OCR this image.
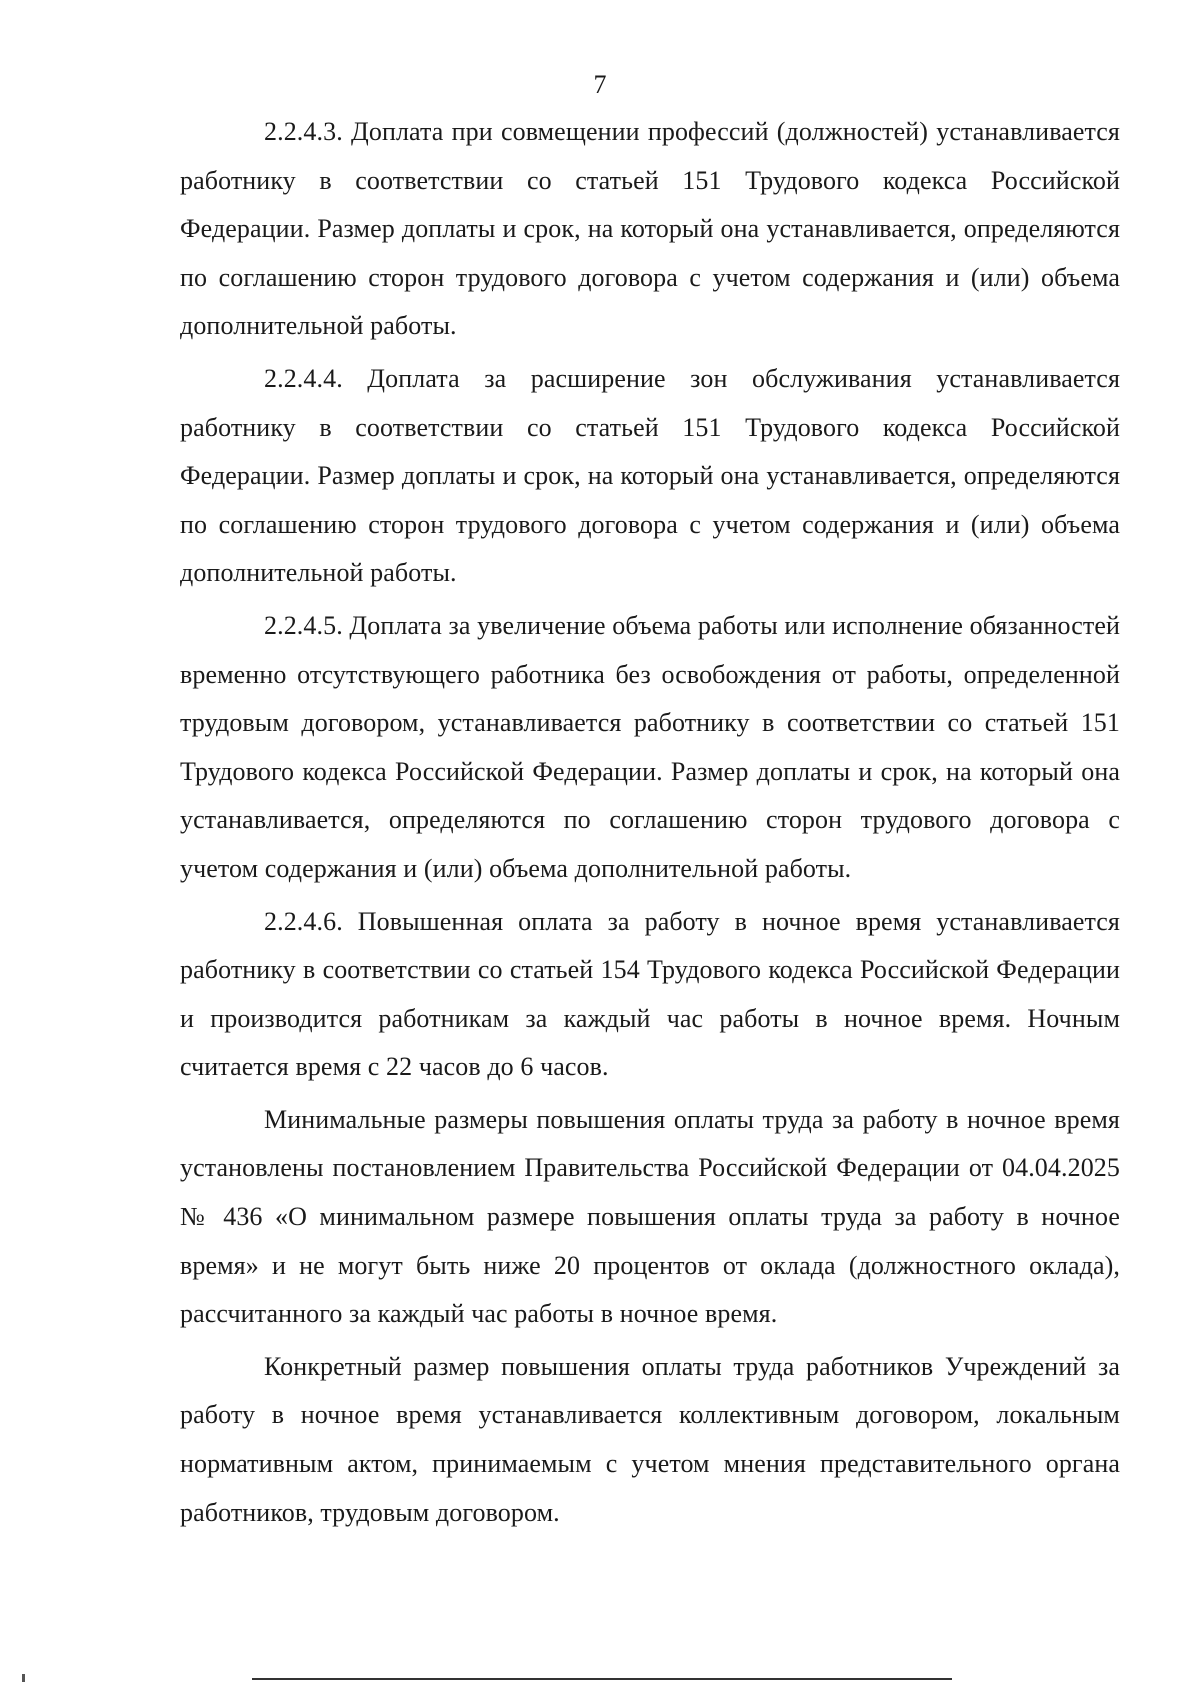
7

2.2.4.3. Доплата при совмещении профессий (должностей) устанавливается работнику в соответствии со статьей 151 Трудового кодекса Российской Федерации. Размер доплаты и срок, на который она устанавливается, определяются по соглашению сторон трудового договора с учетом содержания и (или) объема дополнительной работы.

2.2.4.4. Доплата за расширение зон обслуживания устанавливается работнику в соответствии со статьей 151 Трудового кодекса Российской Федерации. Размер доплаты и срок, на который она устанавливается, определяются по соглашению сторон трудового договора с учетом содержания и (или) объема дополнительной работы.

2.2.4.5. Доплата за увеличение объема работы или исполнение обязанностей временно отсутствующего работника без освобождения от работы, определенной трудовым договором, устанавливается работнику в соответствии со статьей 151 Трудового кодекса Российской Федерации. Размер доплаты и срок, на который она устанавливается, определяются по соглашению сторон трудового договора с учетом содержания и (или) объема дополнительной работы.

2.2.4.6. Повышенная оплата за работу в ночное время устанавливается работнику в соответствии со статьей 154 Трудового кодекса Российской Федерации и производится работникам за каждый час работы в ночное время. Ночным считается время с 22 часов до 6 часов.

Минимальные размеры повышения оплаты труда за работу в ночное время установлены постановлением Правительства Российской Федерации от 04.04.2025 № 436 «О минимальном размере повышения оплаты труда за работу в ночное время» и не могут быть ниже 20 процентов от оклада (должностного оклада), рассчитанного за каждый час работы в ночное время.

Конкретный размер повышения оплаты труда работников Учреждений за работу в ночное время устанавливается коллективным договором, локальным нормативным актом, принимаемым с учетом мнения представительного органа работников, трудовым договором.
